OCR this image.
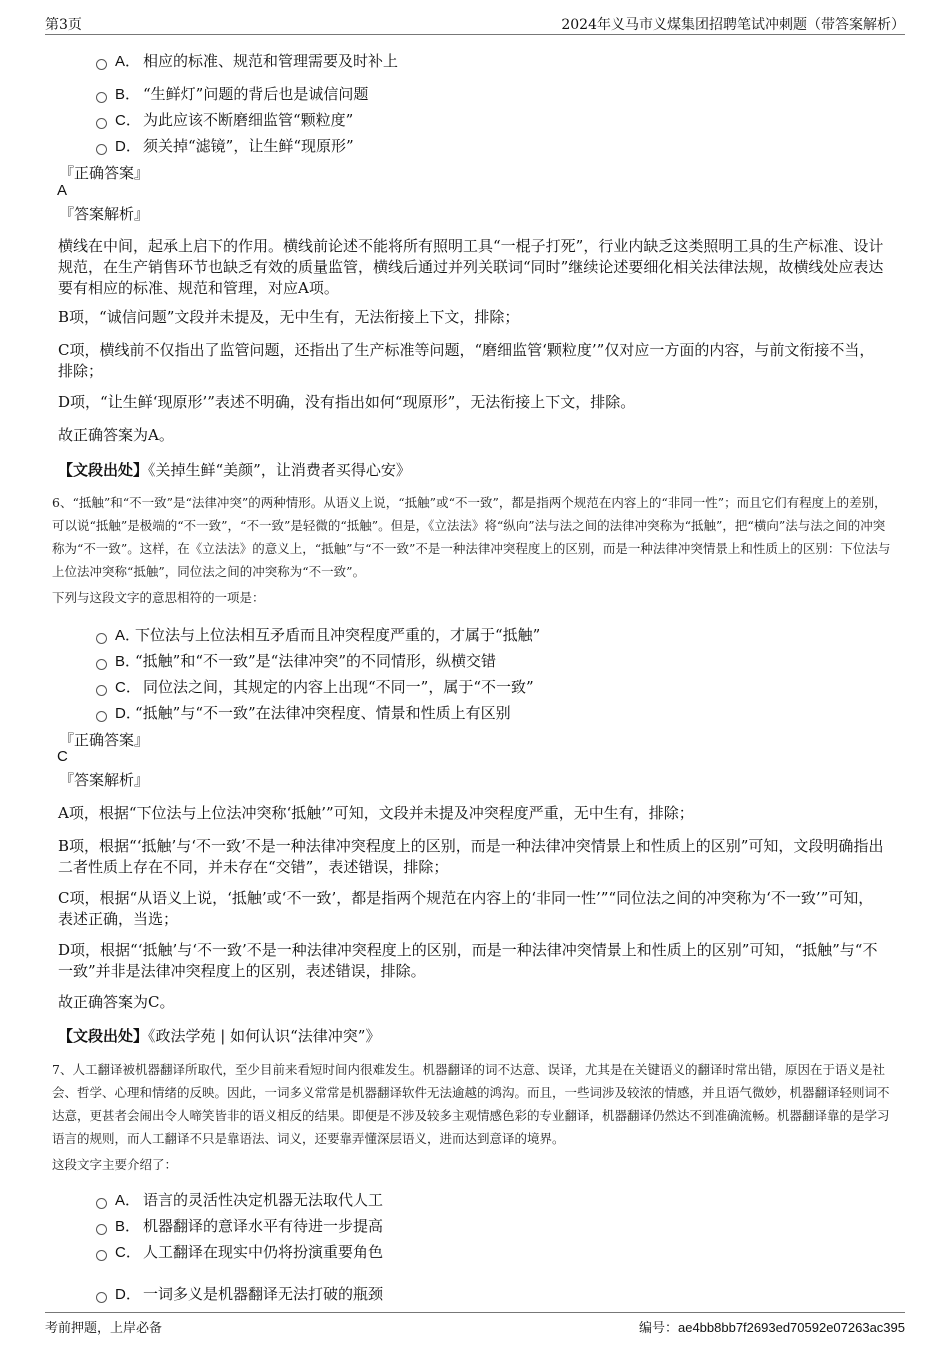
第3页	2024年义马市义煤集团招聘笔试冲刺题（带答案解析）
A． 相应的标准、规范和管理需要及时补上
B． “生鲜灯”问题的背后也是诚信问题
C． 为此应该不断磨细监管“颗粒度”
D． 须关掉“滤镜”，让生鲜“现原形”
『正确答案』
A
『答案解析』
横线在中间，起承上启下的作用。横线前论述不能将所有照明工具“一棍子打死”，行业内缺乏这类照明工具的生产标准、设计规范，在生产销售环节也缺乏有效的质量监管，横线后通过并列关联词“同时”继续论述要细化相关法律法规，故横线处应表达要有相应的标准、规范和管理，对应A项。
B项，“诚信问题”文段并未提及，无中生有，无法衔接上下文，排除；
C项，横线前不仅指出了监管问题，还指出了生产标准等问题，“磨细监管‘颗粒度’”仅对应一方面的内容，与前文衔接不当，排除；
D项，“让生鲜‘现原形’”表述不明确，没有指出如何“现原形”，无法衔接上下文，排除。
故正确答案为A。
【文段出处】《关掉生鲜“美颜”，让消费者买得心安》
6、“抵触”和“不一致”是“法律冲突”的两种情形。从语义上说，“抵触”或“不一致”，都是指两个规范在内容上的“非同一性”；而且它们有程度上的差别，可以说“抵触”是极端的“不一致”，“不一致”是轻微的“抵触”。但是，《立法法》将“纵向”法与法之间的法律冲突称为“抵触”，把“横向”法与法之间的冲突称为“不一致”。这样，在《立法法》的意义上，“抵触”与“不一致”不是一种法律冲突程度上的区别，而是一种法律冲突情景上和性质上的区别：下位法与上位法冲突称“抵触”，同位法之间的冲突称为“不一致”。
下列与这段文字的意思相符的一项是：
A．下位法与上位法相互矛盾而且冲突程度严重的，才属于“抵触”
B．“抵触”和“不一致”是“法律冲突”的不同情形，纵横交错
C． 同位法之间，其规定的内容上出现“不同一”，属于“不一致”
D．“抵触”与“不一致”在法律冲突程度、情景和性质上有区别
『正确答案』
C
『答案解析』
A项，根据“下位法与上位法冲突称‘抵触’”可知，文段并未提及冲突程度严重，无中生有，排除；
B项，根据“‘抵触’与‘不一致’不是一种法律冲突程度上的区别，而是一种法律冲突情景上和性质上的区别”可知，文段明确指出二者性质上存在不同，并未存在“交错”，表述错误，排除；
C项，根据“从语义上说，‘抵触’或‘不一致’，都是指两个规范在内容上的‘非同一性’”“同位法之间的冲突称为‘不一致’”可知，表述正确，当选；
D项，根据“‘抵触’与‘不一致’不是一种法律冲突程度上的区别，而是一种法律冲突情景上和性质上的区别”可知，“抵触”与“不一致”并非是法律冲突程度上的区别，表述错误，排除。
故正确答案为C。
【文段出处】《政法学苑 | 如何认识“法律冲突”》
7、人工翻译被机器翻译所取代，至少目前来看短时间内很难发生。机器翻译的词不达意、误译，尤其是在关键语义的翻译时常出错，原因在于语义是社会、哲学、心理和情绪的反映。因此，一词多义常常是机器翻译软件无法逾越的鸿沟。而且，一些词涉及较浓的情感，并且语气微妙，机器翻译轻则词不达意，更甚者会闹出令人啼笑皆非的语义相反的结果。即便是不涉及较多主观情感色彩的专业翻译，机器翻译仍然达不到准确流畅。机器翻译靠的是学习语言的规则，而人工翻译不只是靠语法、词义，还要靠弄懂深层语义，进而达到意译的境界。
这段文字主要介绍了：
A． 语言的灵活性决定机器无法取代人工
B． 机器翻译的意译水平有待进一步提高
C． 人工翻译在现实中仍将扮演重要角色
D． 一词多义是机器翻译无法打破的瓶颈
考前押题，上岸必备	编号：ae4bb8bb7f2693ed70592e07263ac395
